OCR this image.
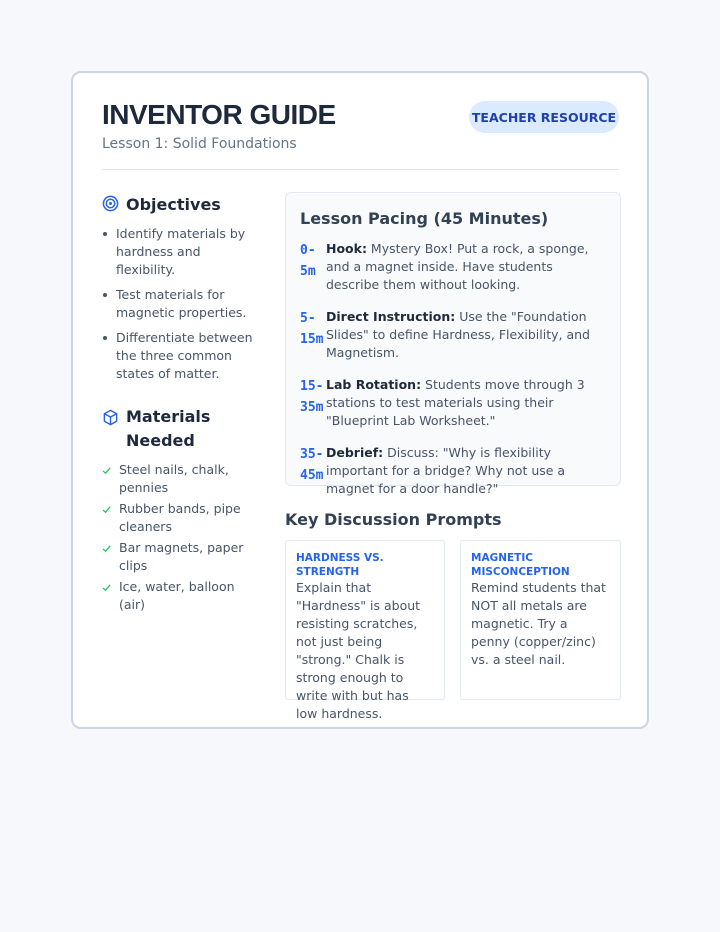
INVENTOR GUIDE
Lesson 1: Solid Foundations
TEACHER RESOURCE
Objectives
Identify materials by hardness and flexibility.
Test materials for magnetic properties.
Differentiate between the three common states of matter.
Materials Needed
Steel nails, chalk, pennies
Rubber bands, pipe cleaners
Bar magnets, paper clips
Ice, water, balloon (air)
Lesson Pacing (45 Minutes)
0-5m
Hook: Mystery Box! Put a rock, a sponge, and a magnet inside. Have students describe them without looking.
5-15m
Direct Instruction: Use the "Foundation Slides" to define Hardness, Flexibility, and Magnetism.
15-35m
Lab Rotation: Students move through 3 stations to test materials using their "Blueprint Lab Worksheet."
35-45m
Debrief: Discuss: "Why is flexibility important for a bridge? Why not use a magnet for a door handle?"
Key Discussion Prompts
HARDNESS VS. STRENGTH
Explain that "Hardness" is about resisting scratches, not just being "strong." Chalk is strong enough to write with but has low hardness.
MAGNETIC MISCONCEPTION
Remind students that NOT all metals are magnetic. Try a penny (copper/zinc) vs. a steel nail.
